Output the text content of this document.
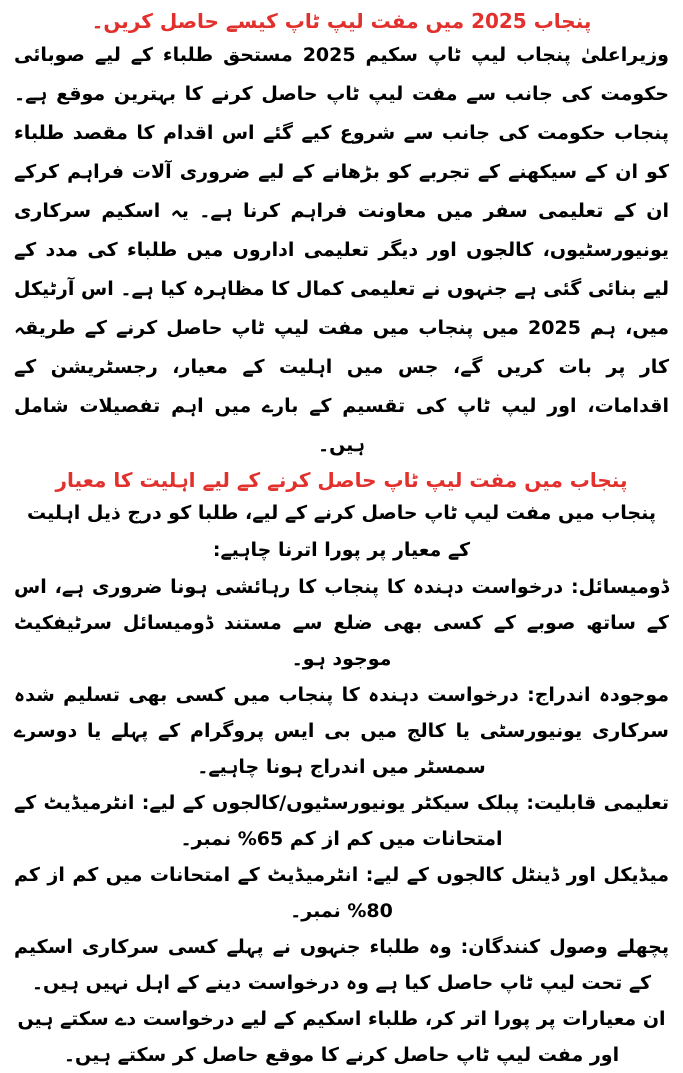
پنجاب 2025 میں مفت لیپ ٹاپ کیسے حاصل کریں۔

وزیراعلیٰ پنجاب لیپ ٹاپ سکیم 2025 مستحق طلباء کے لیے صوبائی حکومت کی جانب سے مفت لیپ ٹاپ حاصل کرنے کا بہترین موقع ہے۔ پنجاب حکومت کی جانب سے شروع کیے گئے اس اقدام کا مقصد طلباء کو ان کے سیکھنے کے تجربے کو بڑھانے کے لیے ضروری آلات فراہم کرکے ان کے تعلیمی سفر میں معاونت فراہم کرنا ہے۔ یہ اسکیم سرکاری یونیورسٹیوں، کالجوں اور دیگر تعلیمی اداروں میں طلباء کی مدد کے لیے بنائی گئی ہے جنہوں نے تعلیمی کمال کا مظاہرہ کیا ہے۔ اس آرٹیکل میں، ہم 2025 میں پنجاب میں مفت لیپ ٹاپ حاصل کرنے کے طریقہ کار پر بات کریں گے، جس میں اہلیت کے معیار، رجسٹریشن کے اقدامات، اور لیپ ٹاپ کی تقسیم کے بارے میں اہم تفصیلات شامل ہیں۔

پنجاب میں مفت لیپ ٹاپ حاصل کرنے کے لیے اہلیت کا معیار

پنجاب میں مفت لیپ ٹاپ حاصل کرنے کے لیے، طلبا کو درج ذیل اہلیت کے معیار پر پورا اترنا چاہیے:

ڈومیسائل: درخواست دہندہ کا پنجاب کا رہائشی ہونا ضروری ہے، اس کے ساتھ صوبے کے کسی بھی ضلع سے مستند ڈومیسائل سرٹیفکیٹ موجود ہو۔

موجودہ اندراج: درخواست دہندہ کا پنجاب میں کسی بھی تسلیم شدہ سرکاری یونیورسٹی یا کالج میں بی ایس پروگرام کے پہلے یا دوسرے سمسٹر میں اندراج ہونا چاہیے۔

تعلیمی قابلیت: پبلک سیکٹر یونیورسٹیوں/کالجوں کے لیے: انٹرمیڈیٹ کے امتحانات میں کم از کم 65% نمبر۔

میڈیکل اور ڈینٹل کالجوں کے لیے: انٹرمیڈیٹ کے امتحانات میں کم از کم 80% نمبر۔

پچھلے وصول کنندگان: وہ طلباء جنہوں نے پہلے کسی سرکاری اسکیم کے تحت لیپ ٹاپ حاصل کیا ہے وہ درخواست دینے کے اہل نہیں ہیں۔

ان معیارات پر پورا اتر کر، طلباء اسکیم کے لیے درخواست دے سکتے ہیں اور مفت لیپ ٹاپ حاصل کرنے کا موقع حاصل کر سکتے ہیں۔
